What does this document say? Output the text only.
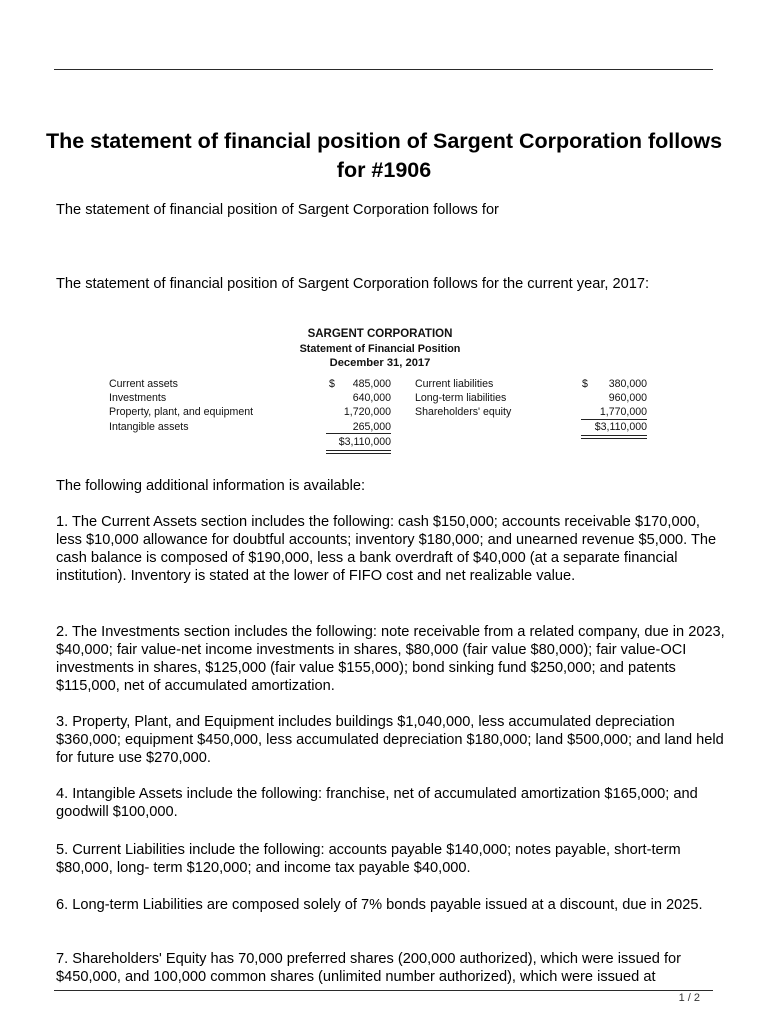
The statement of financial position of Sargent Corporation follows for #1906

The statement of financial position of Sargent Corporation follows for

The statement of financial position of Sargent Corporation follows for the current year, 2017:

SARGENT CORPORATION
Statement of Financial Position
December 31, 2017
Current assets
Investments
Property, plant, and equipment
Intangible assets
$	485,000
640,000
1,720,000
265,000
$3,110,000
Current liabilities
Long-term liabilities
Shareholders' equity
$	380,000
960,000
1,770,000
$3,110,000

The following additional information is available:

1. The Current Assets section includes the following: cash $150,000; accounts receivable $170,000, less $10,000 allowance for doubtful accounts; inventory $180,000; and unearned revenue $5,000. The cash balance is composed of $190,000, less a bank overdraft of $40,000 (at a separate financial institution). Inventory is stated at the lower of FIFO cost and net realizable value.

2. The Investments section includes the following: note receivable from a related company, due in 2023, $40,000; fair value-net income investments in shares, $80,000 (fair value $80,000); fair value-OCI investments in shares, $125,000 (fair value $155,000); bond sinking fund $250,000; and patents $115,000, net of accumulated amortization.

3. Property, Plant, and Equipment includes buildings $1,040,000, less accumulated depreciation $360,000; equipment $450,000, less accumulated depreciation $180,000; land $500,000; and land held for future use $270,000.

4. Intangible Assets include the following: franchise, net of accumulated amortization $165,000; and goodwill $100,000.

5. Current Liabilities include the following: accounts payable $140,000; notes payable, short-term $80,000, long- term $120,000; and income tax payable $40,000.

6. Long-term Liabilities are composed solely of 7% bonds payable issued at a discount, due in 2025.

7. Shareholders' Equity has 70,000 preferred shares (200,000 authorized), which were issued for $450,000, and 100,000 common shares (unlimited number authorized), which were issued at

1 / 2
